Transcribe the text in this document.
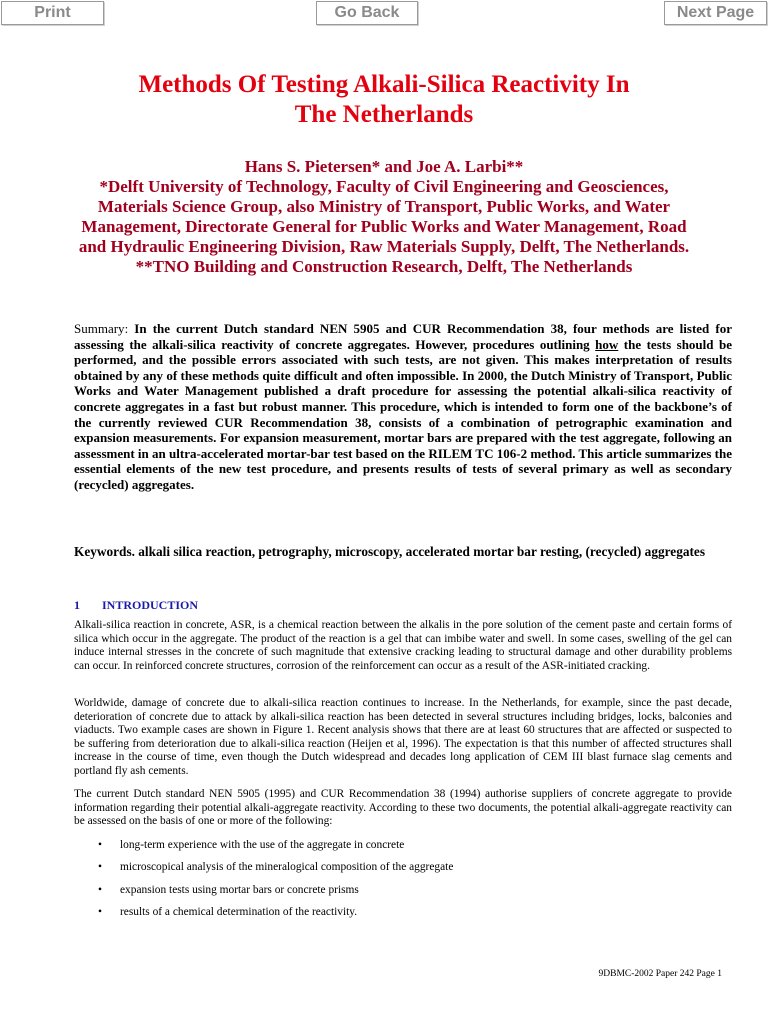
Print	Go Back	Next Page
Methods Of Testing Alkali-Silica Reactivity In
The Netherlands
Hans S. Pietersen* and Joe A. Larbi**
*Delft University of Technology, Faculty of Civil Engineering and Geosciences,
Materials Science Group, also Ministry of Transport, Public Works, and Water
Management, Directorate General for Public Works and Water Management, Road
and Hydraulic Engineering Division, Raw Materials Supply, Delft, The Netherlands.
**TNO Building and Construction Research, Delft, The Netherlands

Summary: In the current Dutch standard NEN 5905 and CUR Recommendation 38, four methods are listed for assessing the alkali-silica reactivity of concrete aggregates. However, procedures outlining how the tests should be performed, and the possible errors associated with such tests, are not given. This makes interpretation of results obtained by any of these methods quite difficult and often impossible. In 2000, the Dutch Ministry of Transport, Public Works and Water Management published a draft procedure for assessing the potential alkali-silica reactivity of concrete aggregates in a fast but robust manner. This procedure, which is intended to form one of the backbone’s of the currently reviewed CUR Recommendation 38, consists of a combination of petrographic examination and expansion measurements. For expansion measurement, mortar bars are prepared with the test aggregate, following an assessment in an ultra-accelerated mortar-bar test based on the RILEM TC 106-2 method. This article summarizes the essential elements of the new test procedure, and presents results of tests of several primary as well as secondary (recycled) aggregates.

Keywords. alkali silica reaction, petrography, microscopy, accelerated mortar bar resting, (recycled) aggregates

1 INTRODUCTION

Alkali-silica reaction in concrete, ASR, is a chemical reaction between the alkalis in the pore solution of the cement paste and certain forms of silica which occur in the aggregate. The product of the reaction is a gel that can imbibe water and swell. In some cases, swelling of the gel can induce internal stresses in the concrete of such magnitude that extensive cracking leading to structural damage and other durability problems can occur. In reinforced concrete structures, corrosion of the reinforcement can occur as a result of the ASR-initiated cracking.

Worldwide, damage of concrete due to alkali-silica reaction continues to increase. In the Netherlands, for example, since the past decade, deterioration of concrete due to attack by alkali-silica reaction has been detected in several structures including bridges, locks, balconies and viaducts. Two example cases are shown in Figure 1. Recent analysis shows that there are at least 60 structures that are affected or suspected to be suffering from deterioration due to alkali-silica reaction (Heijen et al, 1996). The expectation is that this number of affected structures shall increase in the course of time, even though the Dutch widespread and decades long application of CEM III blast furnace slag cements and portland fly ash cements.

The current Dutch standard NEN 5905 (1995) and CUR Recommendation 38 (1994) authorise suppliers of concrete aggregate to provide information regarding their potential alkali-aggregate reactivity. According to these two documents, the potential alkali-aggregate reactivity can be assessed on the basis of one or more of the following:

•	long-term experience with the use of the aggregate in concrete
•	microscopical analysis of the mineralogical composition of the aggregate
•	expansion tests using mortar bars or concrete prisms
•	results of a chemical determination of the reactivity.

9DBMC-2002 Paper 242 Page 1
